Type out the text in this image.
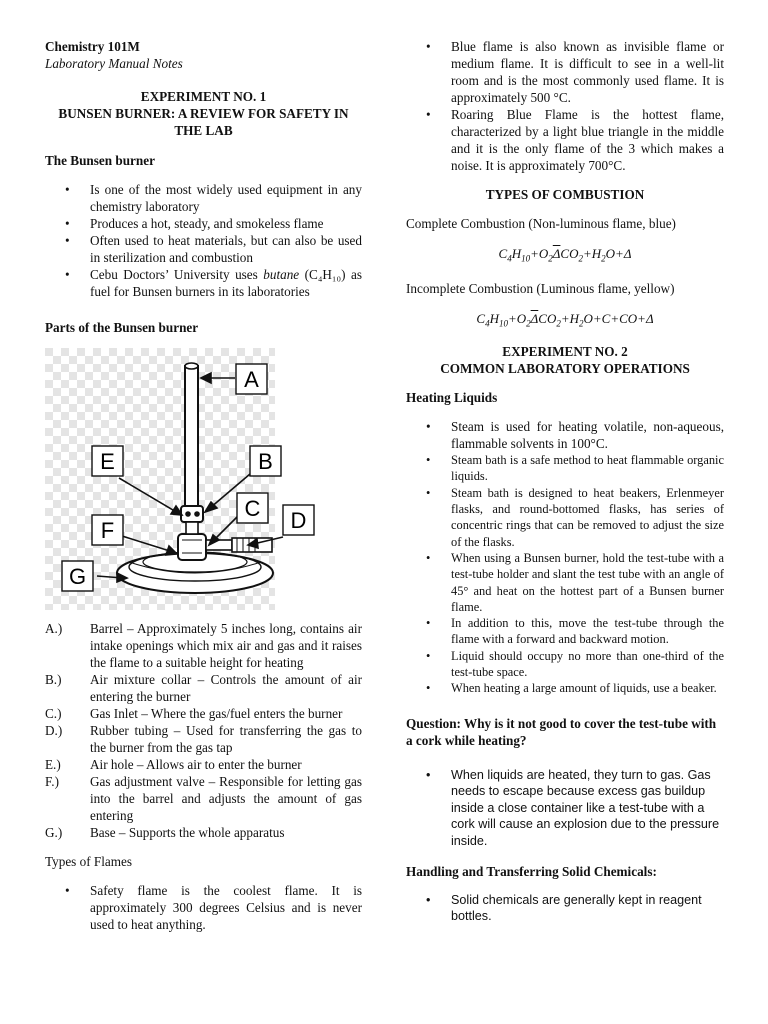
Chemistry 101M

Laboratory Manual Notes

EXPERIMENT NO. 1

BUNSEN BURNER: A REVIEW FOR SAFETY IN THE LAB

The Bunsen burner

• Is one of the most widely used equipment in any chemistry laboratory
• Produces a hot, steady, and smokeless flame
• Often used to heat materials, but can also be used in sterilization and combustion
• Cebu Doctors’ University uses butane (C₄H₁₀) as fuel for Bunsen burners in its laboratories

Parts of the Bunsen burner

A
B
C D
E
F
G
A.)	Barrel – Approximately 5 inches long, contains air intake openings which mix air and gas and it raises the flame to a suitable height for heating
B.)	Air mixture collar – Controls the amount of air entering the burner
C.)	Gas Inlet – Where the gas/fuel enters the burner
D.)	Rubber tubing – Used for transferring the gas to the burner from the gas tap
E.)	Air hole – Allows air to enter the burner
F.)	Gas adjustment valve – Responsible for letting gas into the barrel and adjusts the amount of gas entering
G.)	Base – Supports the whole apparatus

Types of Flames

• Safety flame is the coolest flame. It is approximately 300 degrees Celsius and is never used to heat anything.
• Blue flame is also known as invisible flame or medium flame. It is difficult to see in a well-lit room and is the most commonly used flame. It is approximately 500 °C.
• Roaring Blue Flame is the hottest flame, characterized by a light blue triangle in the middle and it is the only flame of the 3 which makes a noise. It is approximately 700°C.

TYPES OF COMBUSTION

Complete Combustion (Non-luminous flame, blue)

$C_4H_{10}+O_2\overline{\Delta}CO_2+H_2O+\Delta$

Incomplete Combustion (Luminous flame, yellow)

$C_4H_{10}+O_2\overline{\Delta}CO_2+H_2O+C+CO+\Delta$

EXPERIMENT NO. 2

COMMON LABORATORY OPERATIONS

Heating Liquids

• Steam is used for heating volatile, non-aqueous, flammable solvents in 100°C.
• Steam bath is a safe method to heat flammable organic liquids.
• Steam bath is designed to heat beakers, Erlenmeyer flasks, and round-bottomed flasks, has series of concentric rings that can be removed to adjust the size of the flasks.
• When using a Bunsen burner, hold the test-tube with a test-tube holder and slant the test tube with an angle of 45° and heat on the hottest part of a Bunsen burner flame.
• In addition to this, move the test-tube through the flame with a forward and backward motion.
• Liquid should occupy no more than one-third of the test-tube space.
• When heating a large amount of liquids, use a beaker.

Question: Why is it not good to cover the test-tube with a cork while heating?

• When liquids are heated, they turn to gas. Gas needs to escape because excess gas buildup inside a close container like a test-tube with a cork will cause an explosion due to the pressure inside.

Handling and Transferring Solid Chemicals:

• Solid chemicals are generally kept in reagent bottles.
